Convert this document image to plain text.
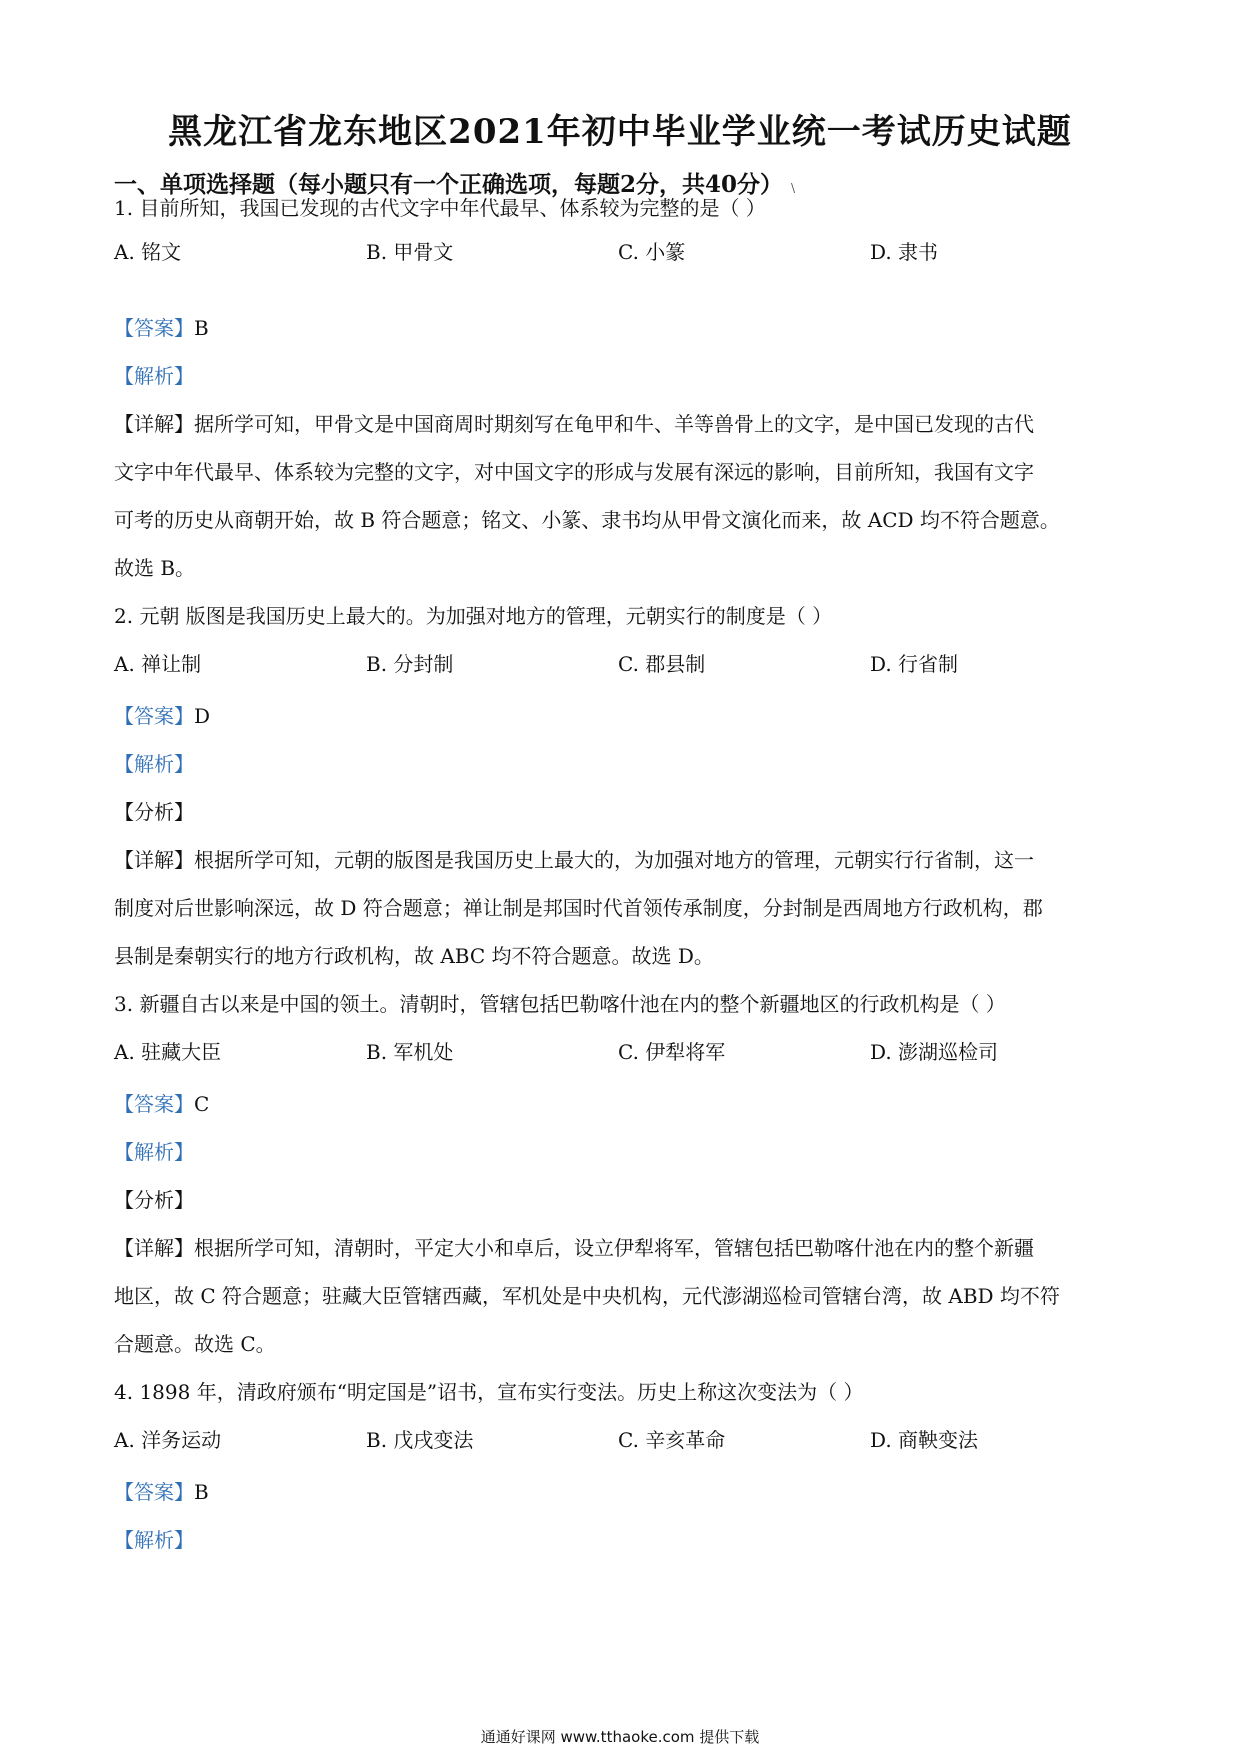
黑龙江省龙东地区2021年初中毕业学业统一考试历史试题
一、单项选择题（每小题只有一个正确选项，每题2分，共40分） \
1. 目前所知，我国已发现的古代文字中年代最早、体系较为完整的是（ ）
A. 铭文	B. 甲骨文	C. 小篆	D. 隶书
【答案】B
【解析】
【详解】据所学可知，甲骨文是中国商周时期刻写在龟甲和牛、羊等兽骨上的文字，是中国已发现的古代
文字中年代最早、体系较为完整的文字，对中国文字的形成与发展有深远的影响，目前所知，我国有文字
可考的历史从商朝开始，故 B 符合题意；铭文、小篆、隶书均从甲骨文演化而来，故 ACD 均不符合题意。
故选 B。
2. 元朝 版图是我国历史上最大的。为加强对地方的管理，元朝实行的制度是（ ）
A. 禅让制	B. 分封制	C. 郡县制	D. 行省制
【答案】D
【解析】
【分析】
【详解】根据所学可知，元朝的版图是我国历史上最大的，为加强对地方的管理，元朝实行行省制，这一
制度对后世影响深远，故 D 符合题意；禅让制是邦国时代首领传承制度，分封制是西周地方行政机构，郡
县制是秦朝实行的地方行政机构，故 ABC 均不符合题意。故选 D。
3. 新疆自古以来是中国的领土。清朝时，管辖包括巴勒喀什池在内的整个新疆地区的行政机构是（ ）
A. 驻藏大臣	B. 军机处	C. 伊犁将军	D. 澎湖巡检司
【答案】C
【解析】
【分析】
【详解】根据所学可知，清朝时，平定大小和卓后，设立伊犁将军，管辖包括巴勒喀什池在内的整个新疆
地区，故 C 符合题意；驻藏大臣管辖西藏，军机处是中央机构，元代澎湖巡检司管辖台湾，故 ABD 均不符
合题意。故选 C。
4. 1898 年，清政府颁布“明定国是”诏书，宣布实行变法。历史上称这次变法为（ ）
A. 洋务运动	B. 戊戌变法	C. 辛亥革命	D. 商鞅变法
【答案】B
【解析】
通通好课网 www.tthaoke.com 提供下载
